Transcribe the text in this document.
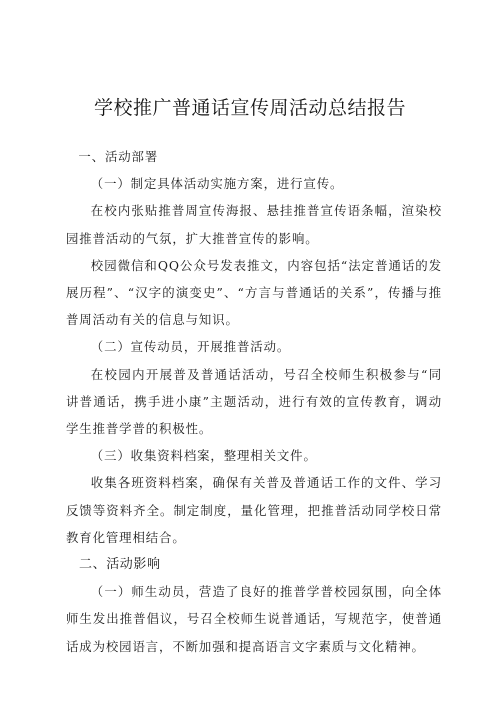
学校推广普通话宣传周活动总结报告

一、活动部署

（一）制定具体活动实施方案，进行宣传。

在校内张贴推普周宣传海报、悬挂推普宣传语条幅，渲染校园推普活动的气氛，扩大推普宣传的影响。

校园微信和QQ公众号发表推文，内容包括“法定普通话的发展历程”、“汉字的演变史”、“方言与普通话的关系”，传播与推普周活动有关的信息与知识。

（二）宣传动员，开展推普活动。

在校园内开展普及普通话活动，号召全校师生积极参与“同讲普通话，携手进小康”主题活动，进行有效的宣传教育，调动学生推普学普的积极性。

（三）收集资料档案，整理相关文件。

收集各班资料档案，确保有关普及普通话工作的文件、学习反馈等资料齐全。制定制度，量化管理，把推普活动同学校日常教育化管理相结合。

二、活动影响

（一）师生动员，营造了良好的推普学普校园氛围，向全体师生发出推普倡议，号召全校师生说普通话，写规范字，使普通话成为校园语言，不断加强和提高语言文字素质与文化精神。
